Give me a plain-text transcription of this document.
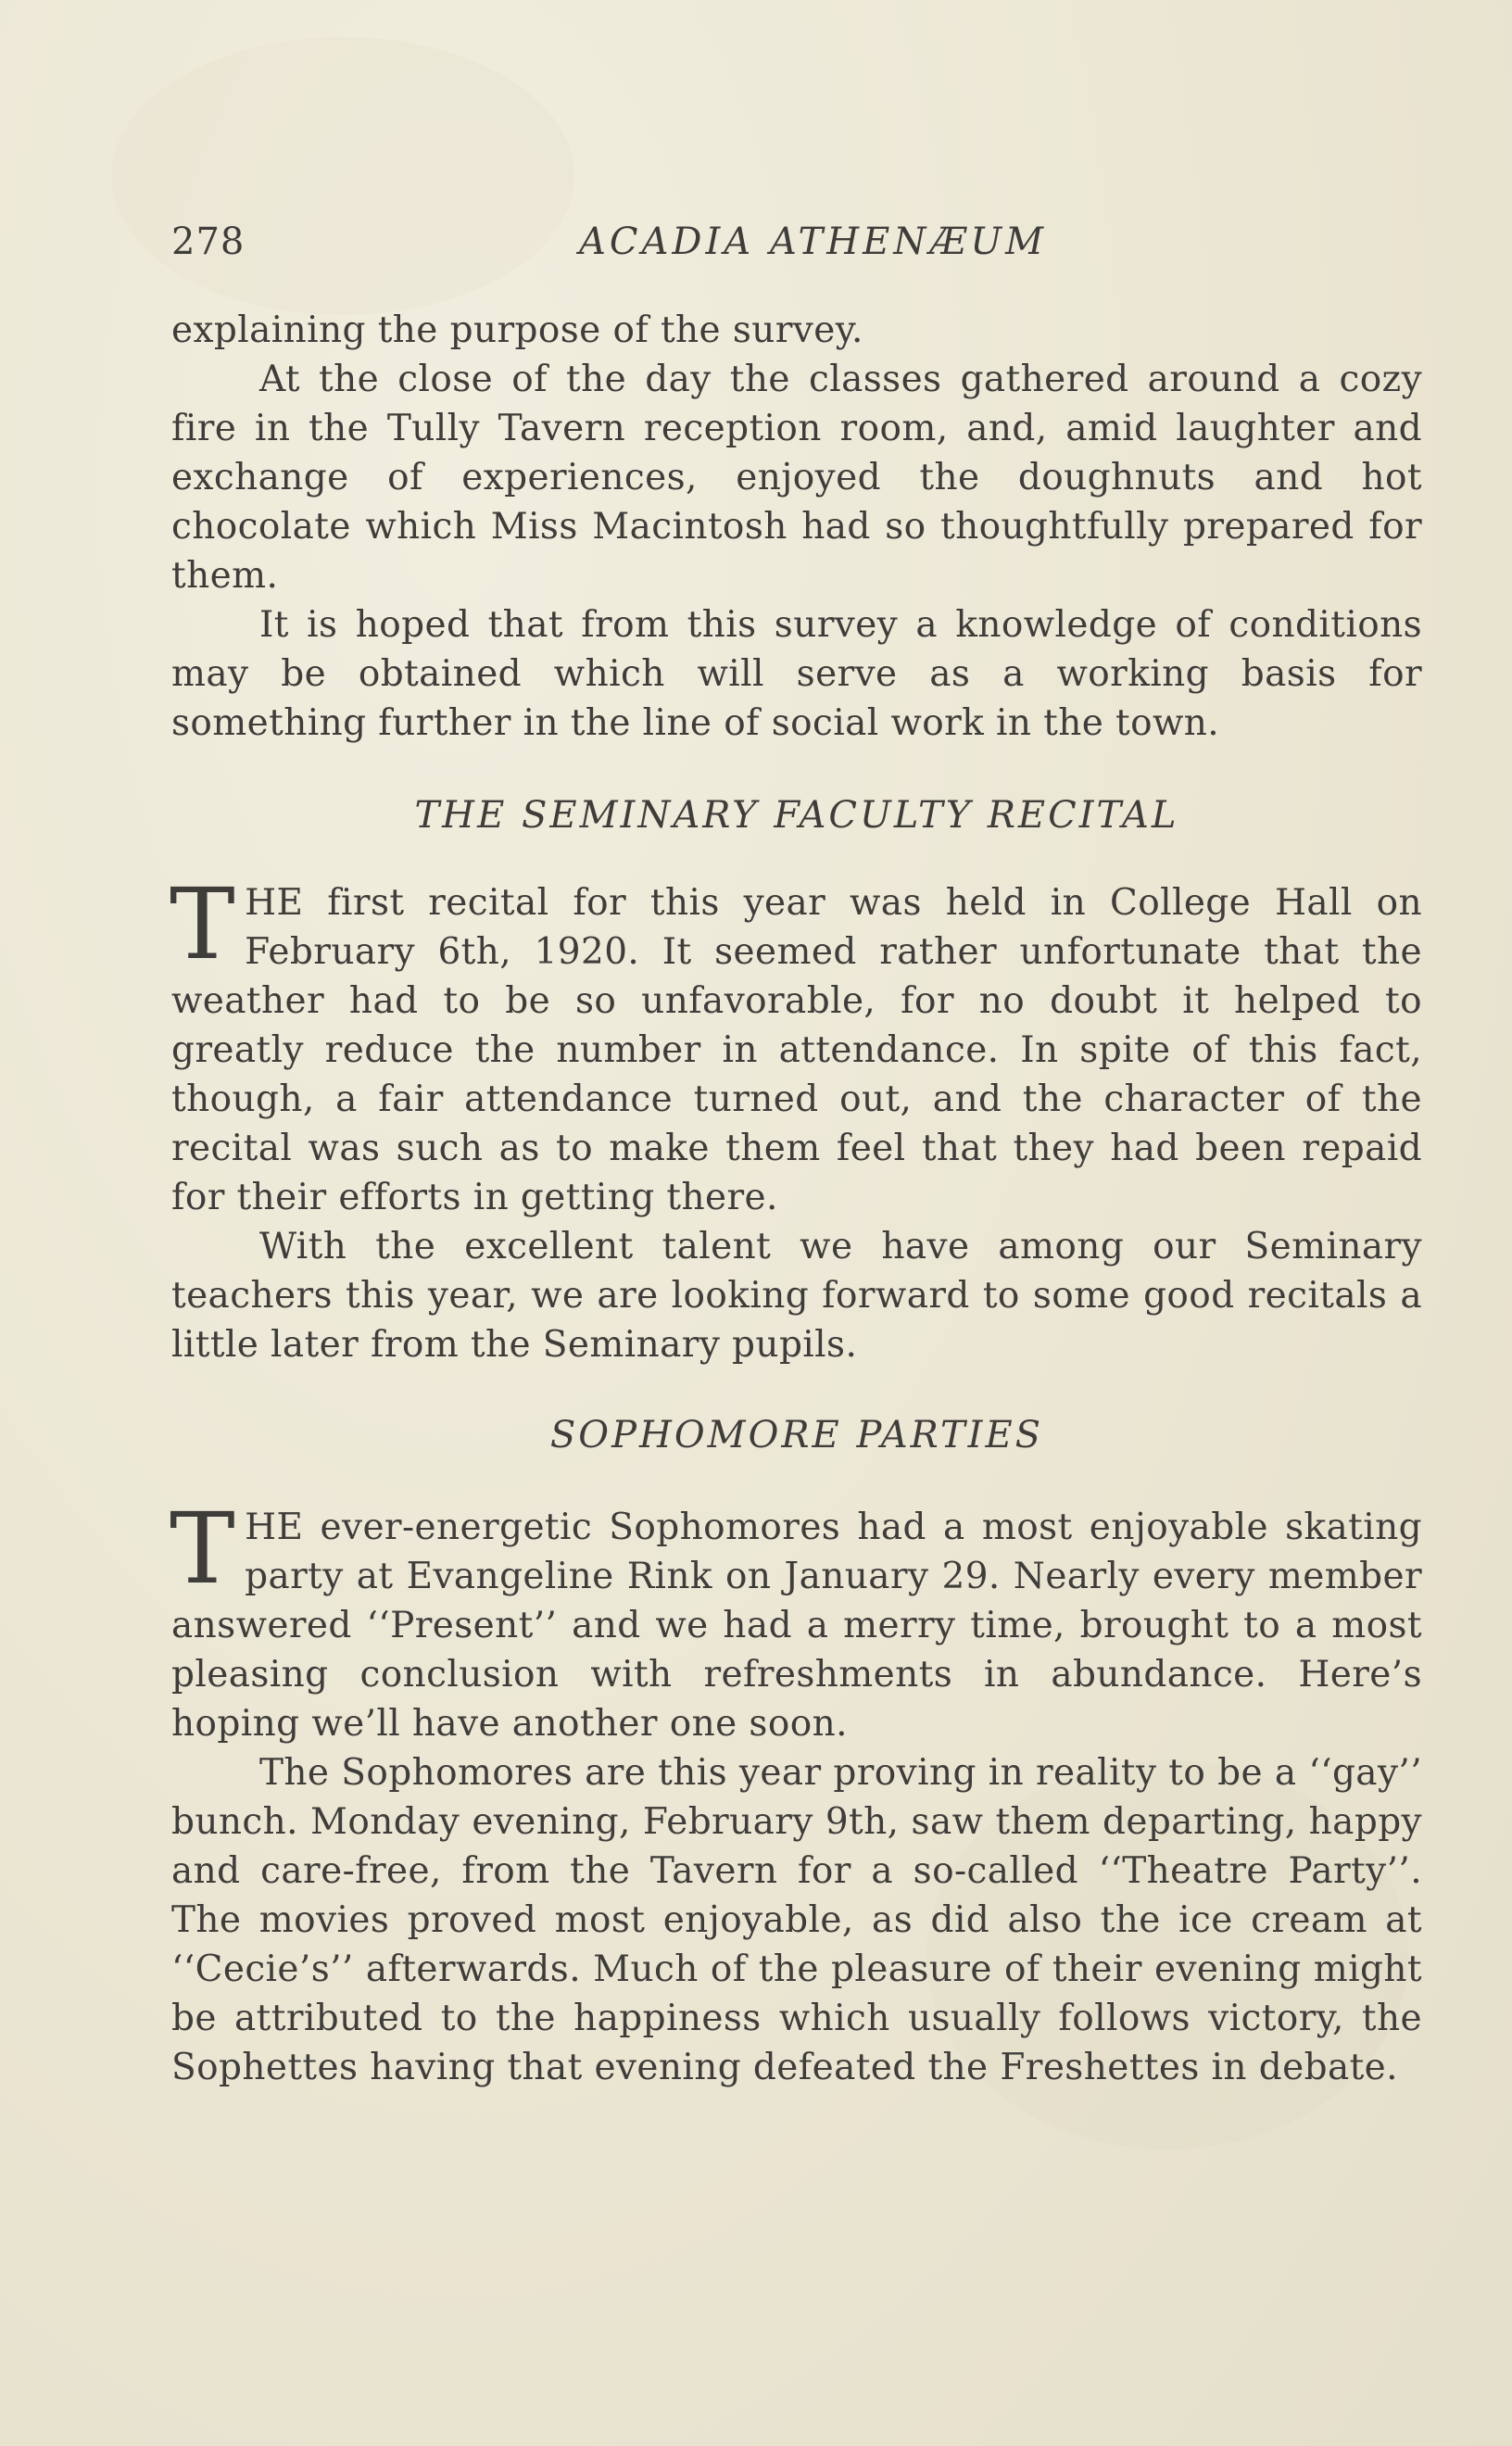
278	ACADIA ATHENÆUM

explaining the purpose of the survey.

At the close of the day the classes gathered around a cozy fire in the Tully Tavern reception room, and, amid laughter and exchange of experiences, enjoyed the doughnuts and hot chocolate which Miss Macintosh had so thoughtfully prepared for them.

It is hoped that from this survey a knowledge of conditions may be obtained which will serve as a working basis for something further in the line of social work in the town.

THE SEMINARY FACULTY RECITAL

THE first recital for this year was held in College Hall on February 6th, 1920. It seemed rather unfortunate that the weather had to be so unfavorable, for no doubt it helped to greatly reduce the number in attendance. In spite of this fact, though, a fair attendance turned out, and the character of the recital was such as to make them feel that they had been repaid for their efforts in getting there.

With the excellent talent we have among our Seminary teachers this year, we are looking forward to some good recitals a little later from the Seminary pupils.

SOPHOMORE PARTIES

THE ever-energetic Sophomores had a most enjoyable skating party at Evangeline Rink on January 29. Nearly every member answered ‘‘Present’’ and we had a merry time, brought to a most pleasing conclusion with refreshments in abundance. Here’s hoping we’ll have another one soon.

The Sophomores are this year proving in reality to be a ‘‘gay’’ bunch. Monday evening, February 9th, saw them departing, happy and care-free, from the Tavern for a so-called ‘‘Theatre Party’’. The movies proved most enjoyable, as did also the ice cream at ‘‘Cecie’s’’ afterwards. Much of the pleasure of their evening might be attributed to the happiness which usually follows victory, the Sophettes having that evening defeated the Freshettes in debate.
